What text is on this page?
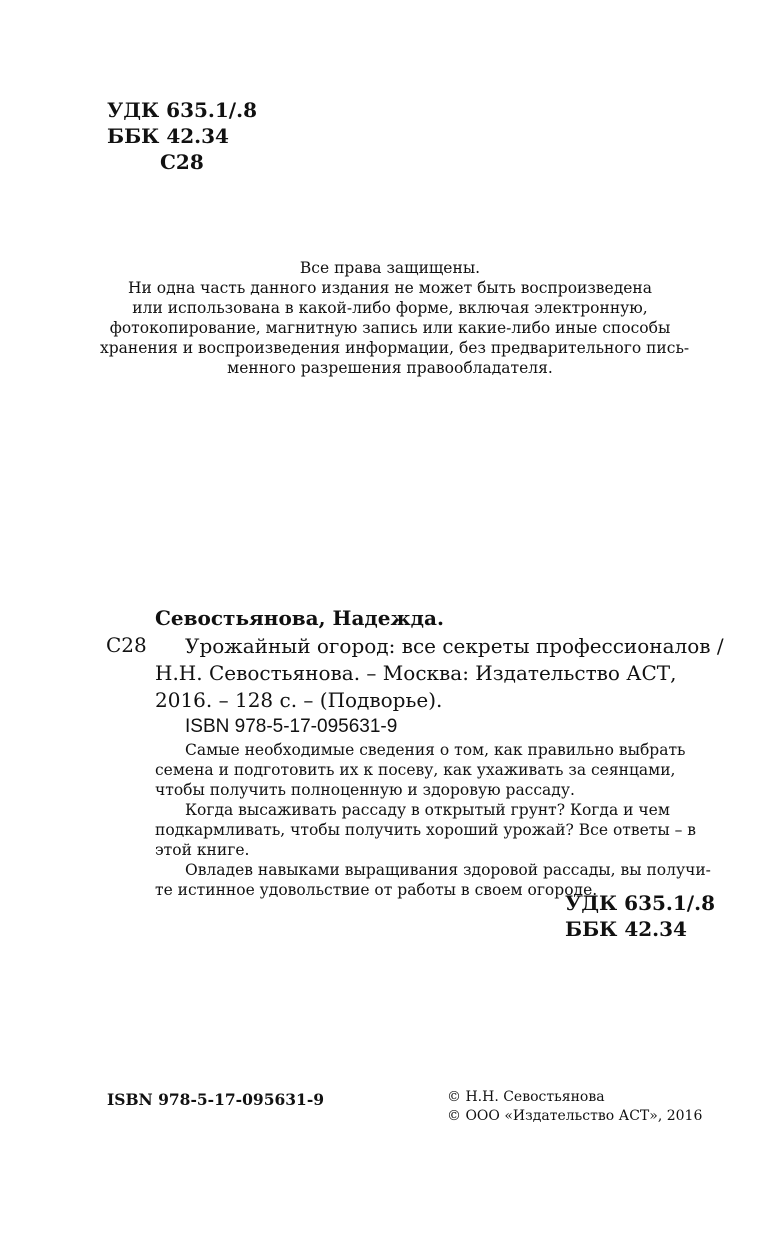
УДК 635.1/.8
ББК 42.34
С28
Все права защищены.
Ни одна часть данного издания не может быть воспроизведена
или использована в какой-либо форме, включая электронную,
фотокопирование, магнитную запись или какие-либо иные способы
хранения и воспроизведения информации, без предварительного пись-
менного разрешения правообладателя.
Севостьянова, Надежда.
С28	Урожайный огород: все секреты профессионалов /
Н.Н. Севостьянова. – Москва: Издательство АСТ,
2016. – 128 с. – (Подворье).
ISBN 978-5-17-095631-9
Самые необходимые сведения о том, как правильно выбрать
семена и подготовить их к посеву, как ухаживать за сеянцами,
чтобы получить полноценную и здоровую рассаду.
Когда высаживать рассаду в открытый грунт? Когда и чем
подкармливать, чтобы получить хороший урожай? Все ответы – в
этой книге.
Овладев навыками выращивания здоровой рассады, вы получи-
те истинное удовольствие от работы в своем огороде.
УДК 635.1/.8
ББК 42.34
ISBN 978-5-17-095631-9	© Н.Н. Севостьянова
© ООО «Издательство АСТ», 2016
